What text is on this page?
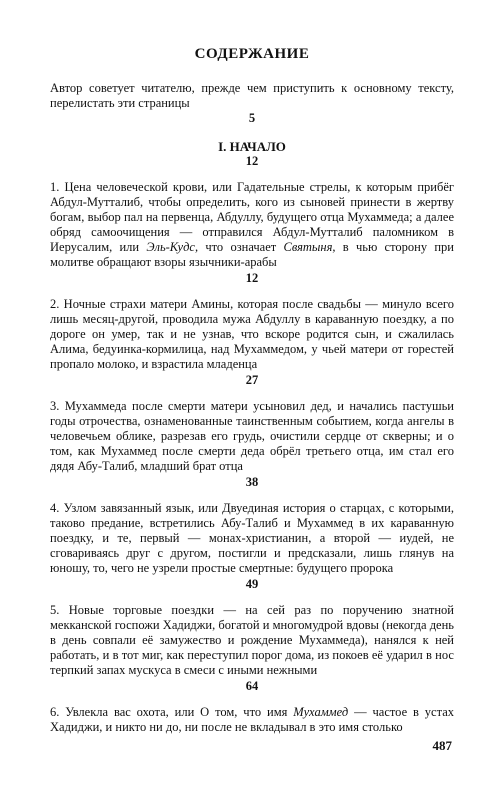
СОДЕРЖАНИЕ
Автор советует читателю, прежде чем приступить к основному тексту, перелистать эти страницы
5
I. НАЧАЛО
12
1. Цена человеческой крови, или Гадательные стрелы, к которым прибёг Абдул-Мутталиб, чтобы определить, кого из сыновей принести в жертву богам, выбор пал на первенца, Абдуллу, будущего отца Мухаммеда; а далее обряд самоочищения — отправился Абдул-Мутталиб паломником в Иерусалим, или Эль-Кудс, что означает Святыня, в чью сторону при молитве обращают взоры язычники-арабы
12
2. Ночные страхи матери Амины, которая после свадьбы — минуло всего лишь месяц-другой, проводила мужа Абдуллу в караванную поездку, а по дороге он умер, так и не узнав, что вскоре родится сын, и сжалилась Алима, бедуинка-кормилица, над Мухаммедом, у чьей матери от горестей пропало молоко, и взрастила младенца
27
3. Мухаммеда после смерти матери усыновил дед, и начались пастушьи годы отрочества, ознаменованные таинственным событием, когда ангелы в человечьем облике, разрезав его грудь, очистили сердце от скверны; и о том, как Мухаммед после смерти деда обрёл третьего отца, им стал его дядя Абу-Талиб, младший брат отца
38
4. Узлом завязанный язык, или Двуединая история о старцах, с которыми, таково предание, встретились Абу-Талиб и Мухаммед в их караванную поездку, и те, первый — монах-христианин, а второй — иудей, не сговариваясь друг с другом, постигли и предсказали, лишь глянув на юношу, то, чего не узрели простые смертные: будущего пророка
49
5. Новые торговые поездки — на сей раз по поручению знатной мекканской госпожи Хадиджи, богатой и многомудрой вдовы (некогда день в день совпали её замужество и рождение Мухаммеда), нанялся к ней работать, и в тот миг, как переступил порог дома, из покоев её ударил в нос терпкий запах мускуса в смеси с иными нежными
64
6. Увлекла вас охота, или О том, что имя Мухаммед — частое в устах Хадиджи, и никто ни до, ни после не вкладывал в это имя столько
487
